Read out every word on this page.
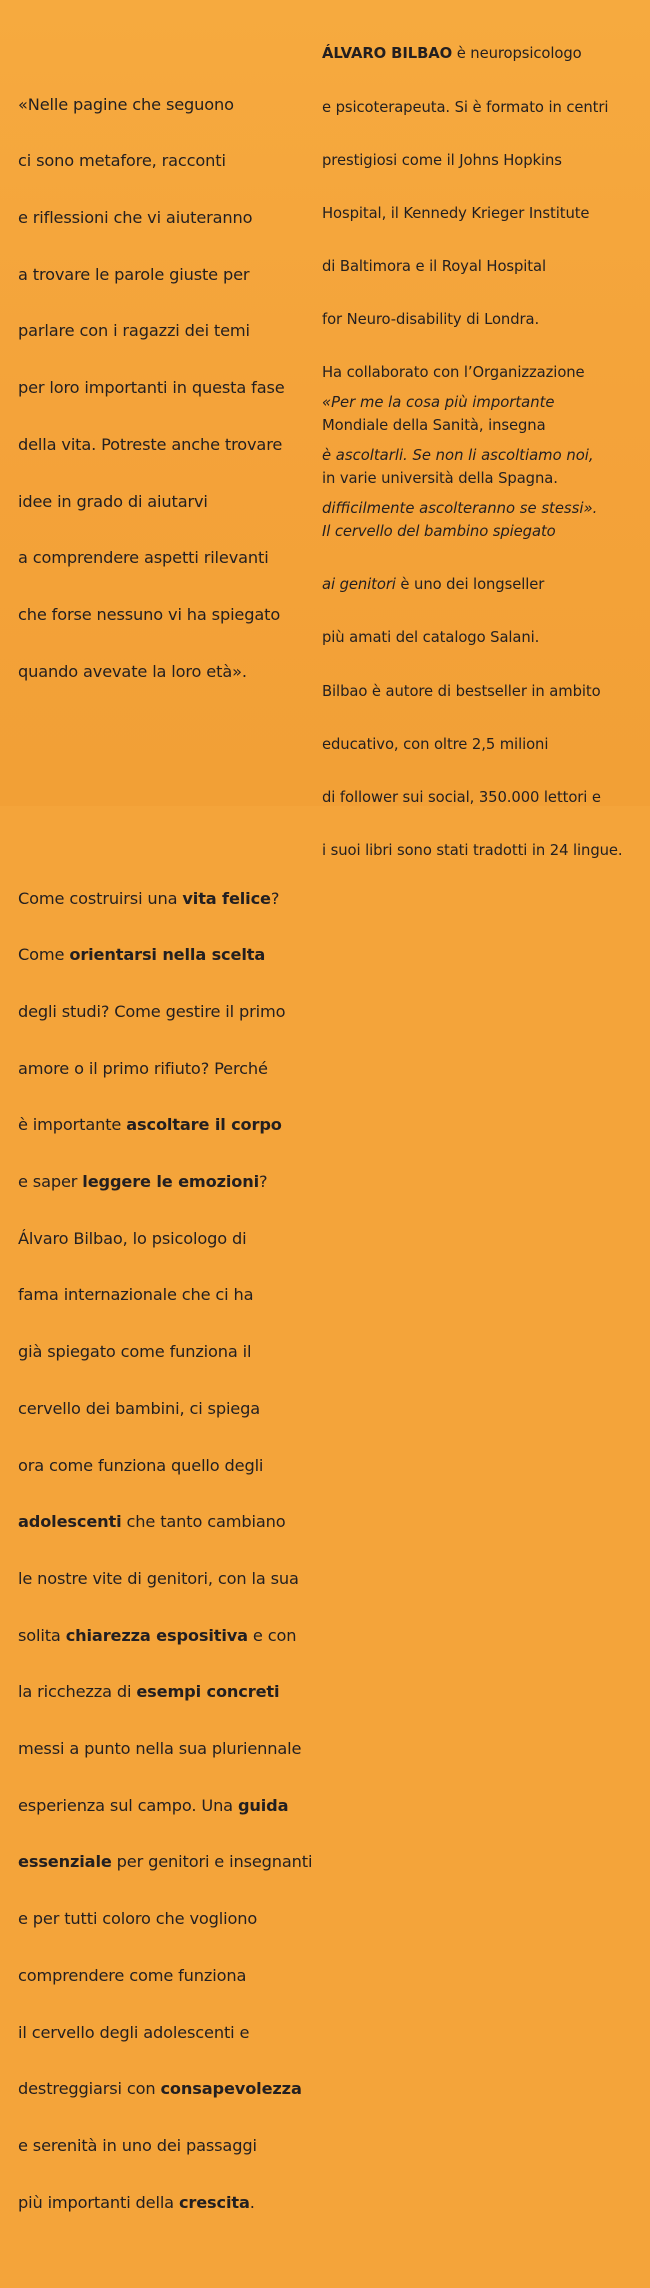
«Nelle pagine che seguono

ci sono metafore, racconti

e riflessioni che vi aiuteranno

a trovare le parole giuste per

parlare con i ragazzi dei temi

per loro importanti in questa fase

della vita. Potreste anche trovare

idee in grado di aiutarvi

a comprendere aspetti rilevanti

che forse nessuno vi ha spiegato

quando avevate la loro età».

Come costruirsi una vita felice?

Come orientarsi nella scelta

degli studi? Come gestire il primo

amore o il primo rifiuto? Perché

è importante ascoltare il corpo

e saper leggere le emozioni?

Álvaro Bilbao, lo psicologo di

fama internazionale che ci ha

già spiegato come funziona il

cervello dei bambini, ci spiega

ora come funziona quello degli

adolescenti che tanto cambiano

le nostre vite di genitori, con la sua

solita chiarezza espositiva e con

la ricchezza di esempi concreti

messi a punto nella sua pluriennale

esperienza sul campo. Una guida

essenziale per genitori e insegnanti

e per tutti coloro che vogliono

comprendere come funziona

il cervello degli adolescenti e

destreggiarsi con consapevolezza

e serenità in uno dei passaggi

più importanti della crescita.

ÁLVARO BILBAO è neuropsicologo

e psicoterapeuta. Si è formato in centri

prestigiosi come il Johns Hopkins

Hospital, il Kennedy Krieger Institute

di Baltimora e il Royal Hospital

for Neuro-disability di Londra.

Ha collaborato con l’Organizzazione

Mondiale della Sanità, insegna

in varie università della Spagna.

Il cervello del bambino spiegato

ai genitori è uno dei longseller

più amati del catalogo Salani.

Bilbao è autore di bestseller in ambito

educativo, con oltre 2,5 milioni

di follower sui social, 350.000 lettori e

i suoi libri sono stati tradotti in 24 lingue.

«Per me la cosa più importante

è ascoltarli. Se non li ascoltiamo noi,

difficilmente ascolteranno se stessi».
